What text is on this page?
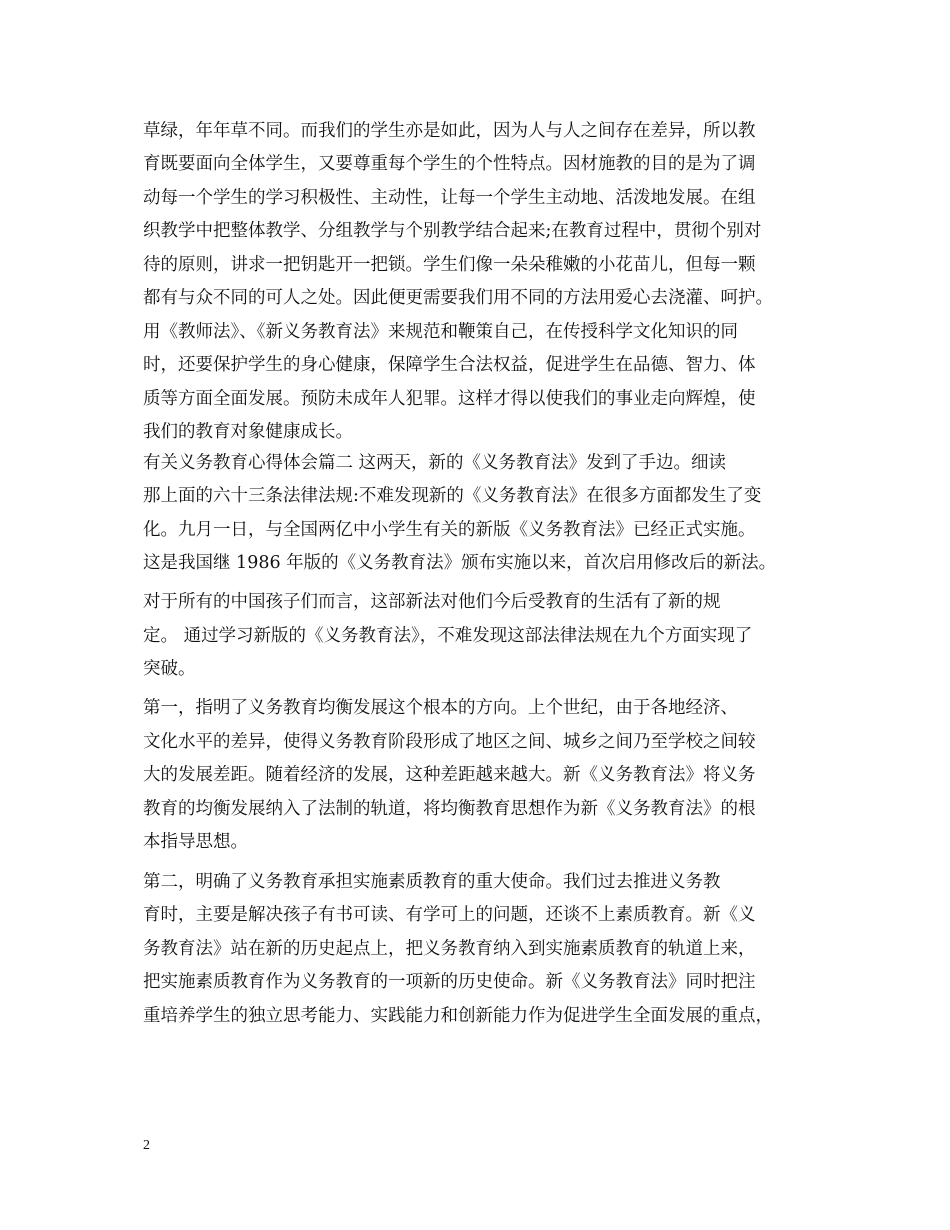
草绿，年年草不同。而我们的学生亦是如此，因为人与人之间存在差异，所以教
育既要面向全体学生，又要尊重每个学生的个性特点。因材施教的目的是为了调
动每一个学生的学习积极性、主动性，让每一个学生主动地、活泼地发展。在组
织教学中把整体教学、分组教学与个别教学结合起来;在教育过程中，贯彻个别对
待的原则，讲求一把钥匙开一把锁。学生们像一朵朵稚嫩的小花苗儿，但每一颗
都有与众不同的可人之处。因此便更需要我们用不同的方法用爱心去浇灌、呵护。
用《教师法》、《新义务教育法》来规范和鞭策自己，在传授科学文化知识的同
时，还要保护学生的身心健康，保障学生合法权益，促进学生在品德、智力、体
质等方面全面发展。预防未成年人犯罪。这样才得以使我们的事业走向辉煌，使
我们的教育对象健康成长。
有关义务教育心得体会篇二 这两天，新的《义务教育法》发到了手边。细读
那上面的六十三条法律法规:不难发现新的《义务教育法》在很多方面都发生了变
化。九月一日，与全国两亿中小学生有关的新版《义务教育法》已经正式实施。
这是我国继 1986 年版的《义务教育法》颁布实施以来，首次启用修改后的新法。
对于所有的中国孩子们而言，这部新法对他们今后受教育的生活有了新的规
定。 通过学习新版的《义务教育法》，不难发现这部法律法规在九个方面实现了
突破。
第一，指明了义务教育均衡发展这个根本的方向。上个世纪，由于各地经济、
文化水平的差异，使得义务教育阶段形成了地区之间、城乡之间乃至学校之间较
大的发展差距。随着经济的发展，这种差距越来越大。新《义务教育法》将义务
教育的均衡发展纳入了法制的轨道，将均衡教育思想作为新《义务教育法》的根
本指导思想。
第二，明确了义务教育承担实施素质教育的重大使命。我们过去推进义务教
育时，主要是解决孩子有书可读、有学可上的问题，还谈不上素质教育。新《义
务教育法》站在新的历史起点上，把义务教育纳入到实施素质教育的轨道上来，
把实施素质教育作为义务教育的一项新的历史使命。新《义务教育法》同时把注
重培养学生的独立思考能力、实践能力和创新能力作为促进学生全面发展的重点，
2
